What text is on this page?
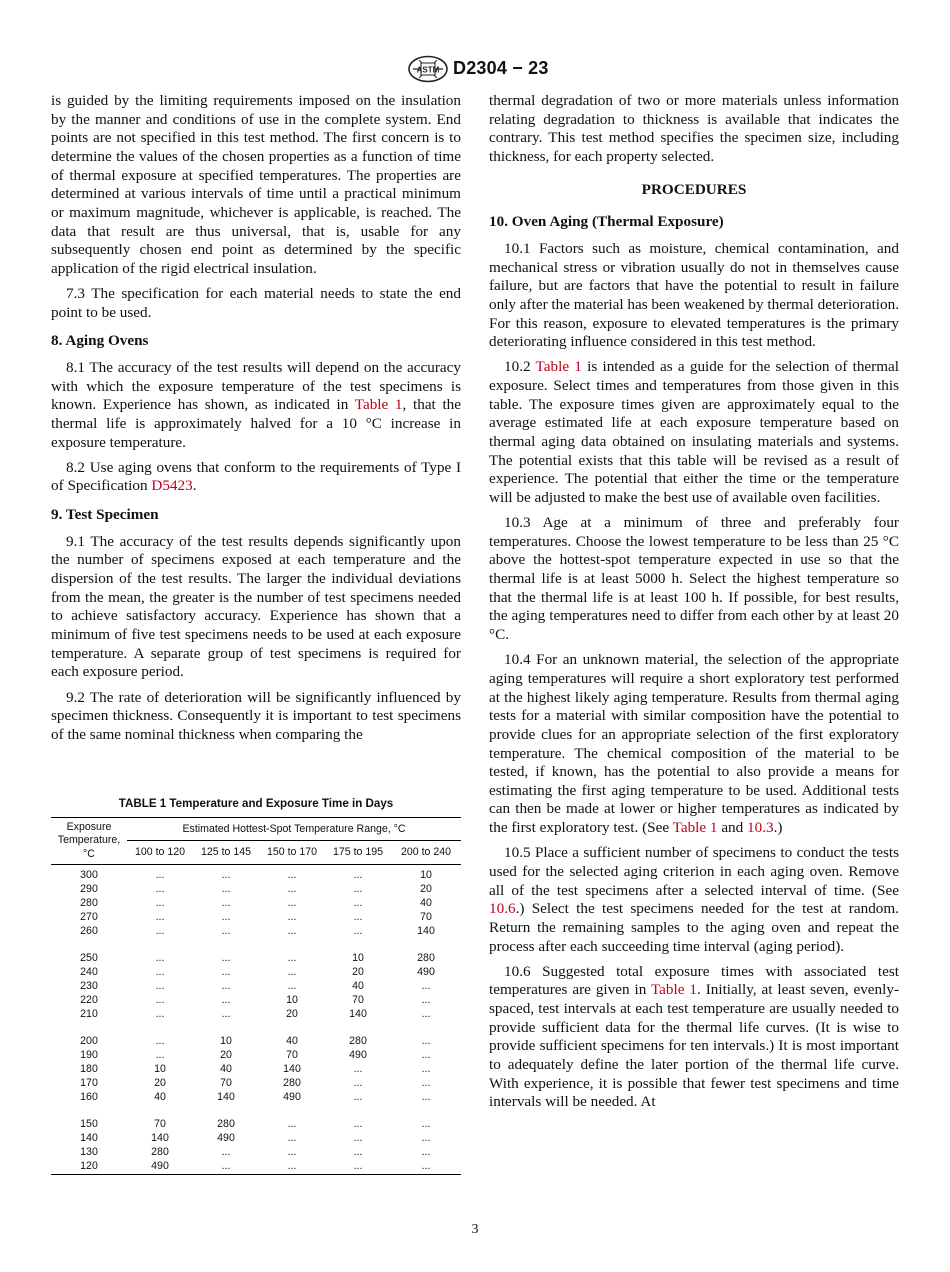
ASTM D2304 − 23

is guided by the limiting requirements imposed on the insulation by the manner and conditions of use in the complete system. End points are not specified in this test method. The first concern is to determine the values of the chosen properties as a function of time of thermal exposure at specified temperatures. The properties are determined at various intervals of time until a practical minimum or maximum magnitude, whichever is applicable, is reached. The data that result are thus universal, that is, usable for any subsequently chosen end point as determined by the specific application of the rigid electrical insulation.

7.3 The specification for each material needs to state the end point to be used.

8. Aging Ovens

8.1 The accuracy of the test results will depend on the accuracy with which the exposure temperature of the test specimens is known. Experience has shown, as indicated in Table 1, that the thermal life is approximately halved for a 10 °C increase in exposure temperature.

8.2 Use aging ovens that conform to the requirements of Type I of Specification D5423.

9. Test Specimen

9.1 The accuracy of the test results depends significantly upon the number of specimens exposed at each temperature and the dispersion of the test results. The larger the individual deviations from the mean, the greater is the number of test specimens needed to achieve satisfactory accuracy. Experience has shown that a minimum of five test specimens needs to be used at each exposure temperature. A separate group of test specimens is required for each exposure period.

9.2 The rate of deterioration will be significantly influenced by specimen thickness. Consequently it is important to test specimens of the same nominal thickness when comparing the

TABLE 1 Temperature and Exposure Time in Days
Exposure Temperature, °C	Estimated Hottest-Spot Temperature Range, °C				
	100 to 120	125 to 145	150 to 170	175 to 195	200 to 240
300	...	...	...	...	10
290	...	...	...	...	20
280	...	...	...	...	40
270	...	...	...	...	70
260	...	...	...	...	140

250	...	...	...	10	280
240	...	...	...	20	490
230	...	...	...	40	...
220	...	...	10	70	...
210	...	...	20	140	...

200	...	10	40	280	...
190	...	20	70	490	...
180	10	40	140	...	...
170	20	70	280	...	...
160	40	140	490	...	...

150	70	280	...	...	...
140	140	490	...	...	...
130	280	...	...	...	...
120	490	...	...	...	...

thermal degradation of two or more materials unless information relating degradation to thickness is available that indicates the contrary. This test method specifies the specimen size, including thickness, for each property selected.

PROCEDURES
10. Oven Aging (Thermal Exposure)

10.1 Factors such as moisture, chemical contamination, and mechanical stress or vibration usually do not in themselves cause failure, but are factors that have the potential to result in failure only after the material has been weakened by thermal deterioration. For this reason, exposure to elevated temperatures is the primary deteriorating influence considered in this test method.

10.2 Table 1 is intended as a guide for the selection of thermal exposure. Select times and temperatures from those given in this table. The exposure times given are approximately equal to the average estimated life at each exposure temperature based on thermal aging data obtained on insulating materials and systems. The potential exists that this table will be revised as a result of experience. The potential that either the time or the temperature will be adjusted to make the best use of available oven facilities.

10.3 Age at a minimum of three and preferably four temperatures. Choose the lowest temperature to be less than 25 °C above the hottest-spot temperature expected in use so that the thermal life is at least 5000 h. Select the highest temperature so that the thermal life is at least 100 h. If possible, for best results, the aging temperatures need to differ from each other by at least 20 °C.

10.4 For an unknown material, the selection of the appropriate aging temperatures will require a short exploratory test performed at the highest likely aging temperature. Results from thermal aging tests for a material with similar composition have the potential to provide clues for an appropriate selection of the first exploratory temperature. The chemical composition of the material to be tested, if known, has the potential to also provide a means for estimating the first aging temperature to be used. Additional tests can then be made at lower or higher temperatures as indicated by the first exploratory test. (See Table 1 and 10.3.)

10.5 Place a sufficient number of specimens to conduct the tests used for the selected aging criterion in each aging oven. Remove all of the test specimens after a selected interval of time. (See 10.6.) Select the test specimens needed for the test at random. Return the remaining samples to the aging oven and repeat the process after each succeeding time interval (aging period).

10.6 Suggested total exposure times with associated test temperatures are given in Table 1. Initially, at least seven, evenly-spaced, test intervals at each test temperature are usually needed to provide sufficient data for the thermal life curves. (It is wise to provide sufficient specimens for ten intervals.) It is most important to adequately define the later portion of the thermal life curve. With experience, it is possible that fewer test specimens and time intervals will be needed. At

3
